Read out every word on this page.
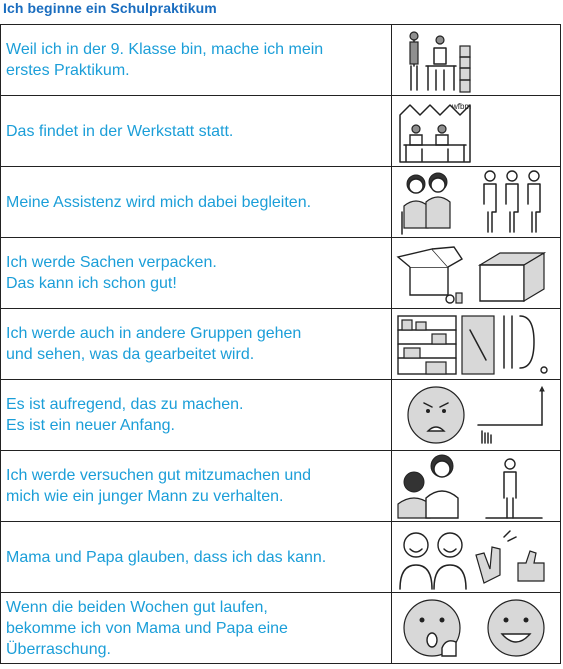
Ich beginne ein Schulpraktikum
Weil ich in der 9. Klasse bin, mache ich mein
erstes Praktikum.

Das findet in der Werkstatt statt.	wfbm

Meine Assistenz wird mich dabei begleiten.

Ich werde Sachen verpacken.
Das kann ich schon gut!

Ich werde auch in andere Gruppen gehen
und sehen, was da gearbeitet wird.

Es ist aufregend, das zu machen.
Es ist ein neuer Anfang.

Ich werde versuchen gut mitzumachen und
mich wie ein junger Mann zu verhalten.

Mama und Papa glauben, dass ich das kann.

Wenn die beiden Wochen gut laufen,
bekomme ich von Mama und Papa eine
Überraschung.
